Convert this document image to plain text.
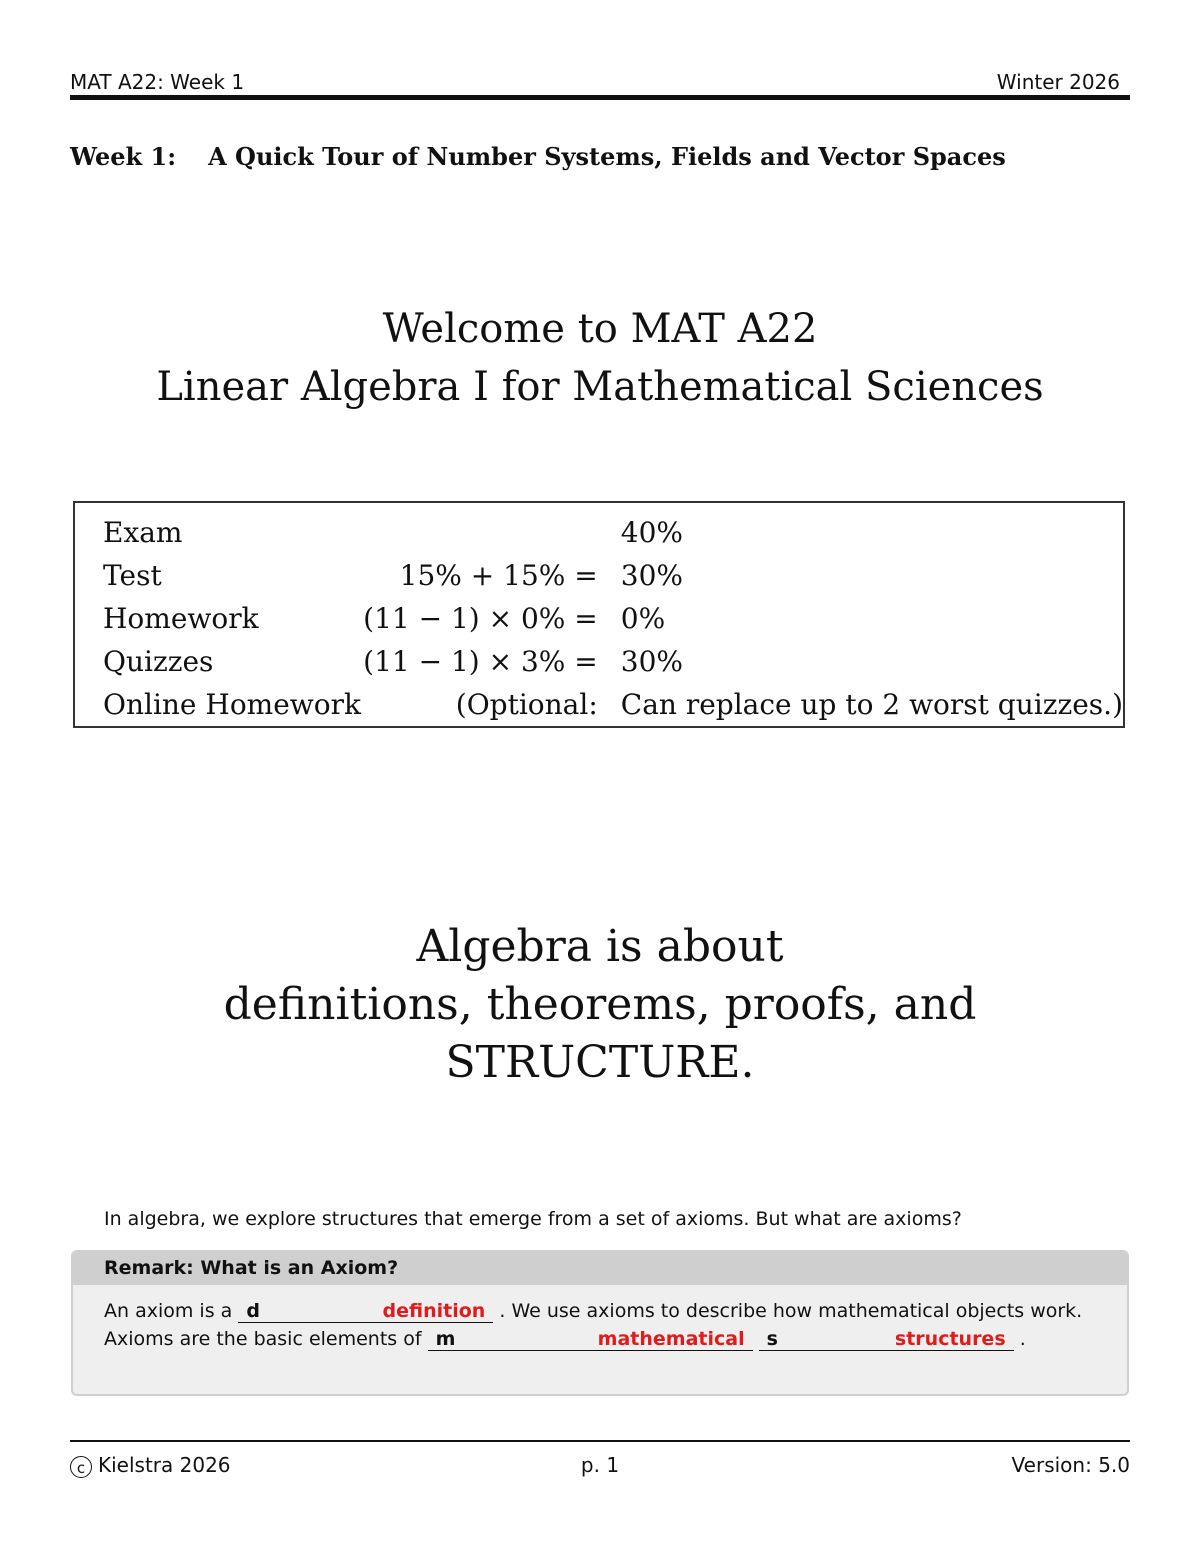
MAT A22: Week 1	Winter 2026
Week 1: A Quick Tour of Number Systems, Fields and Vector Spaces
Welcome to MAT A22
Linear Algebra I for Mathematical Sciences
Exam		40%
Test	15% + 15% =	30%
Homework	(11 − 1) × 0% =	0%
Quizzes	(11 − 1) × 3% =	30%
Online Homework	(Optional:	Can replace up to 2 worst quizzes.)
Algebra is about
definitions, theorems, proofs, and
STRUCTURE.
In algebra, we explore structures that emerge from a set of axioms. But what are axioms?
Remark: What is an Axiom?
An axiom is a d	definition . We use axioms to describe how mathematical objects work.
Axioms are the basic elements of m	mathematical
	s	structures .
c Kielstra 2026	p. 1	Version: 5.0
